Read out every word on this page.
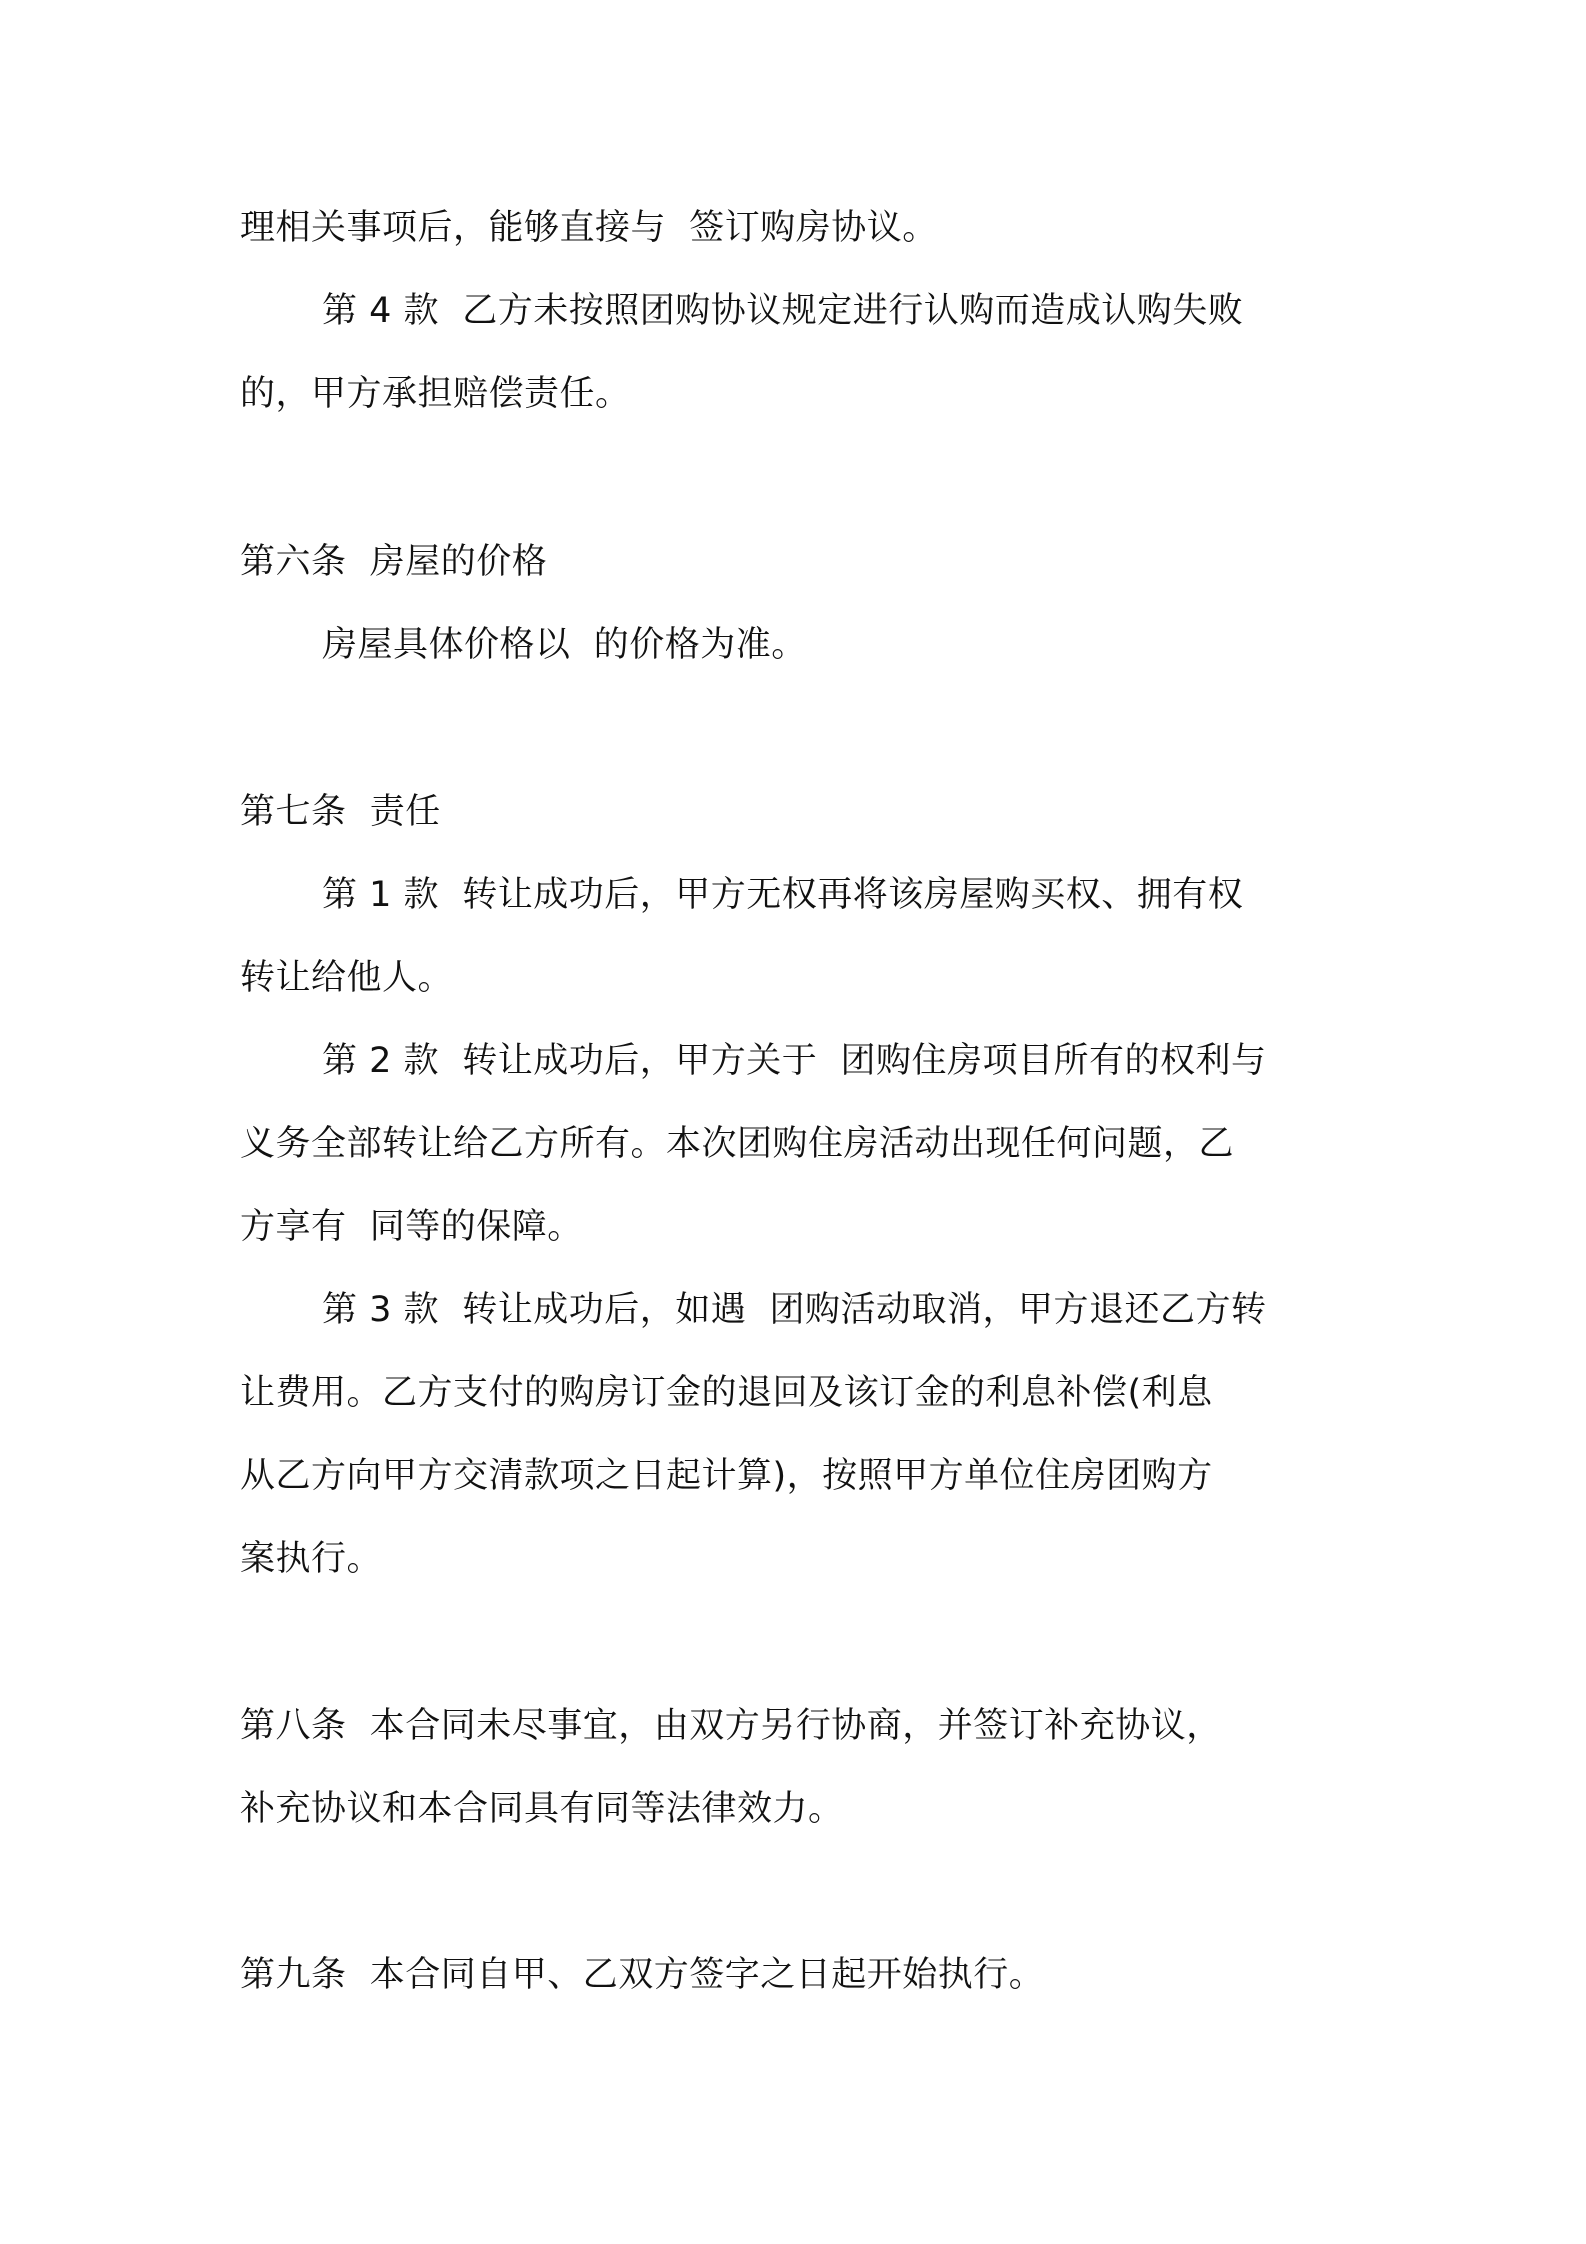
理相关事项后，能够直接与  签订购房协议。
第 4 款  乙方未按照团购协议规定进行认购而造成认购失败
的，甲方承担赔偿责任。
第六条  房屋的价格
房屋具体价格以  的价格为准。
第七条  责任
第 1 款  转让成功后，甲方无权再将该房屋购买权、拥有权
转让给他人。
第 2 款  转让成功后，甲方关于  团购住房项目所有的权利与
义务全部转让给乙方所有。本次团购住房活动出现任何问题，乙
方享有  同等的保障。
第 3 款  转让成功后，如遇  团购活动取消，甲方退还乙方转
让费用。乙方支付的购房订金的退回及该订金的利息补偿(利息
从乙方向甲方交清款项之日起计算)，按照甲方单位住房团购方
案执行。
第八条  本合同未尽事宜，由双方另行协商，并签订补充协议，
补充协议和本合同具有同等法律效力。
第九条  本合同自甲、乙双方签字之日起开始执行。
